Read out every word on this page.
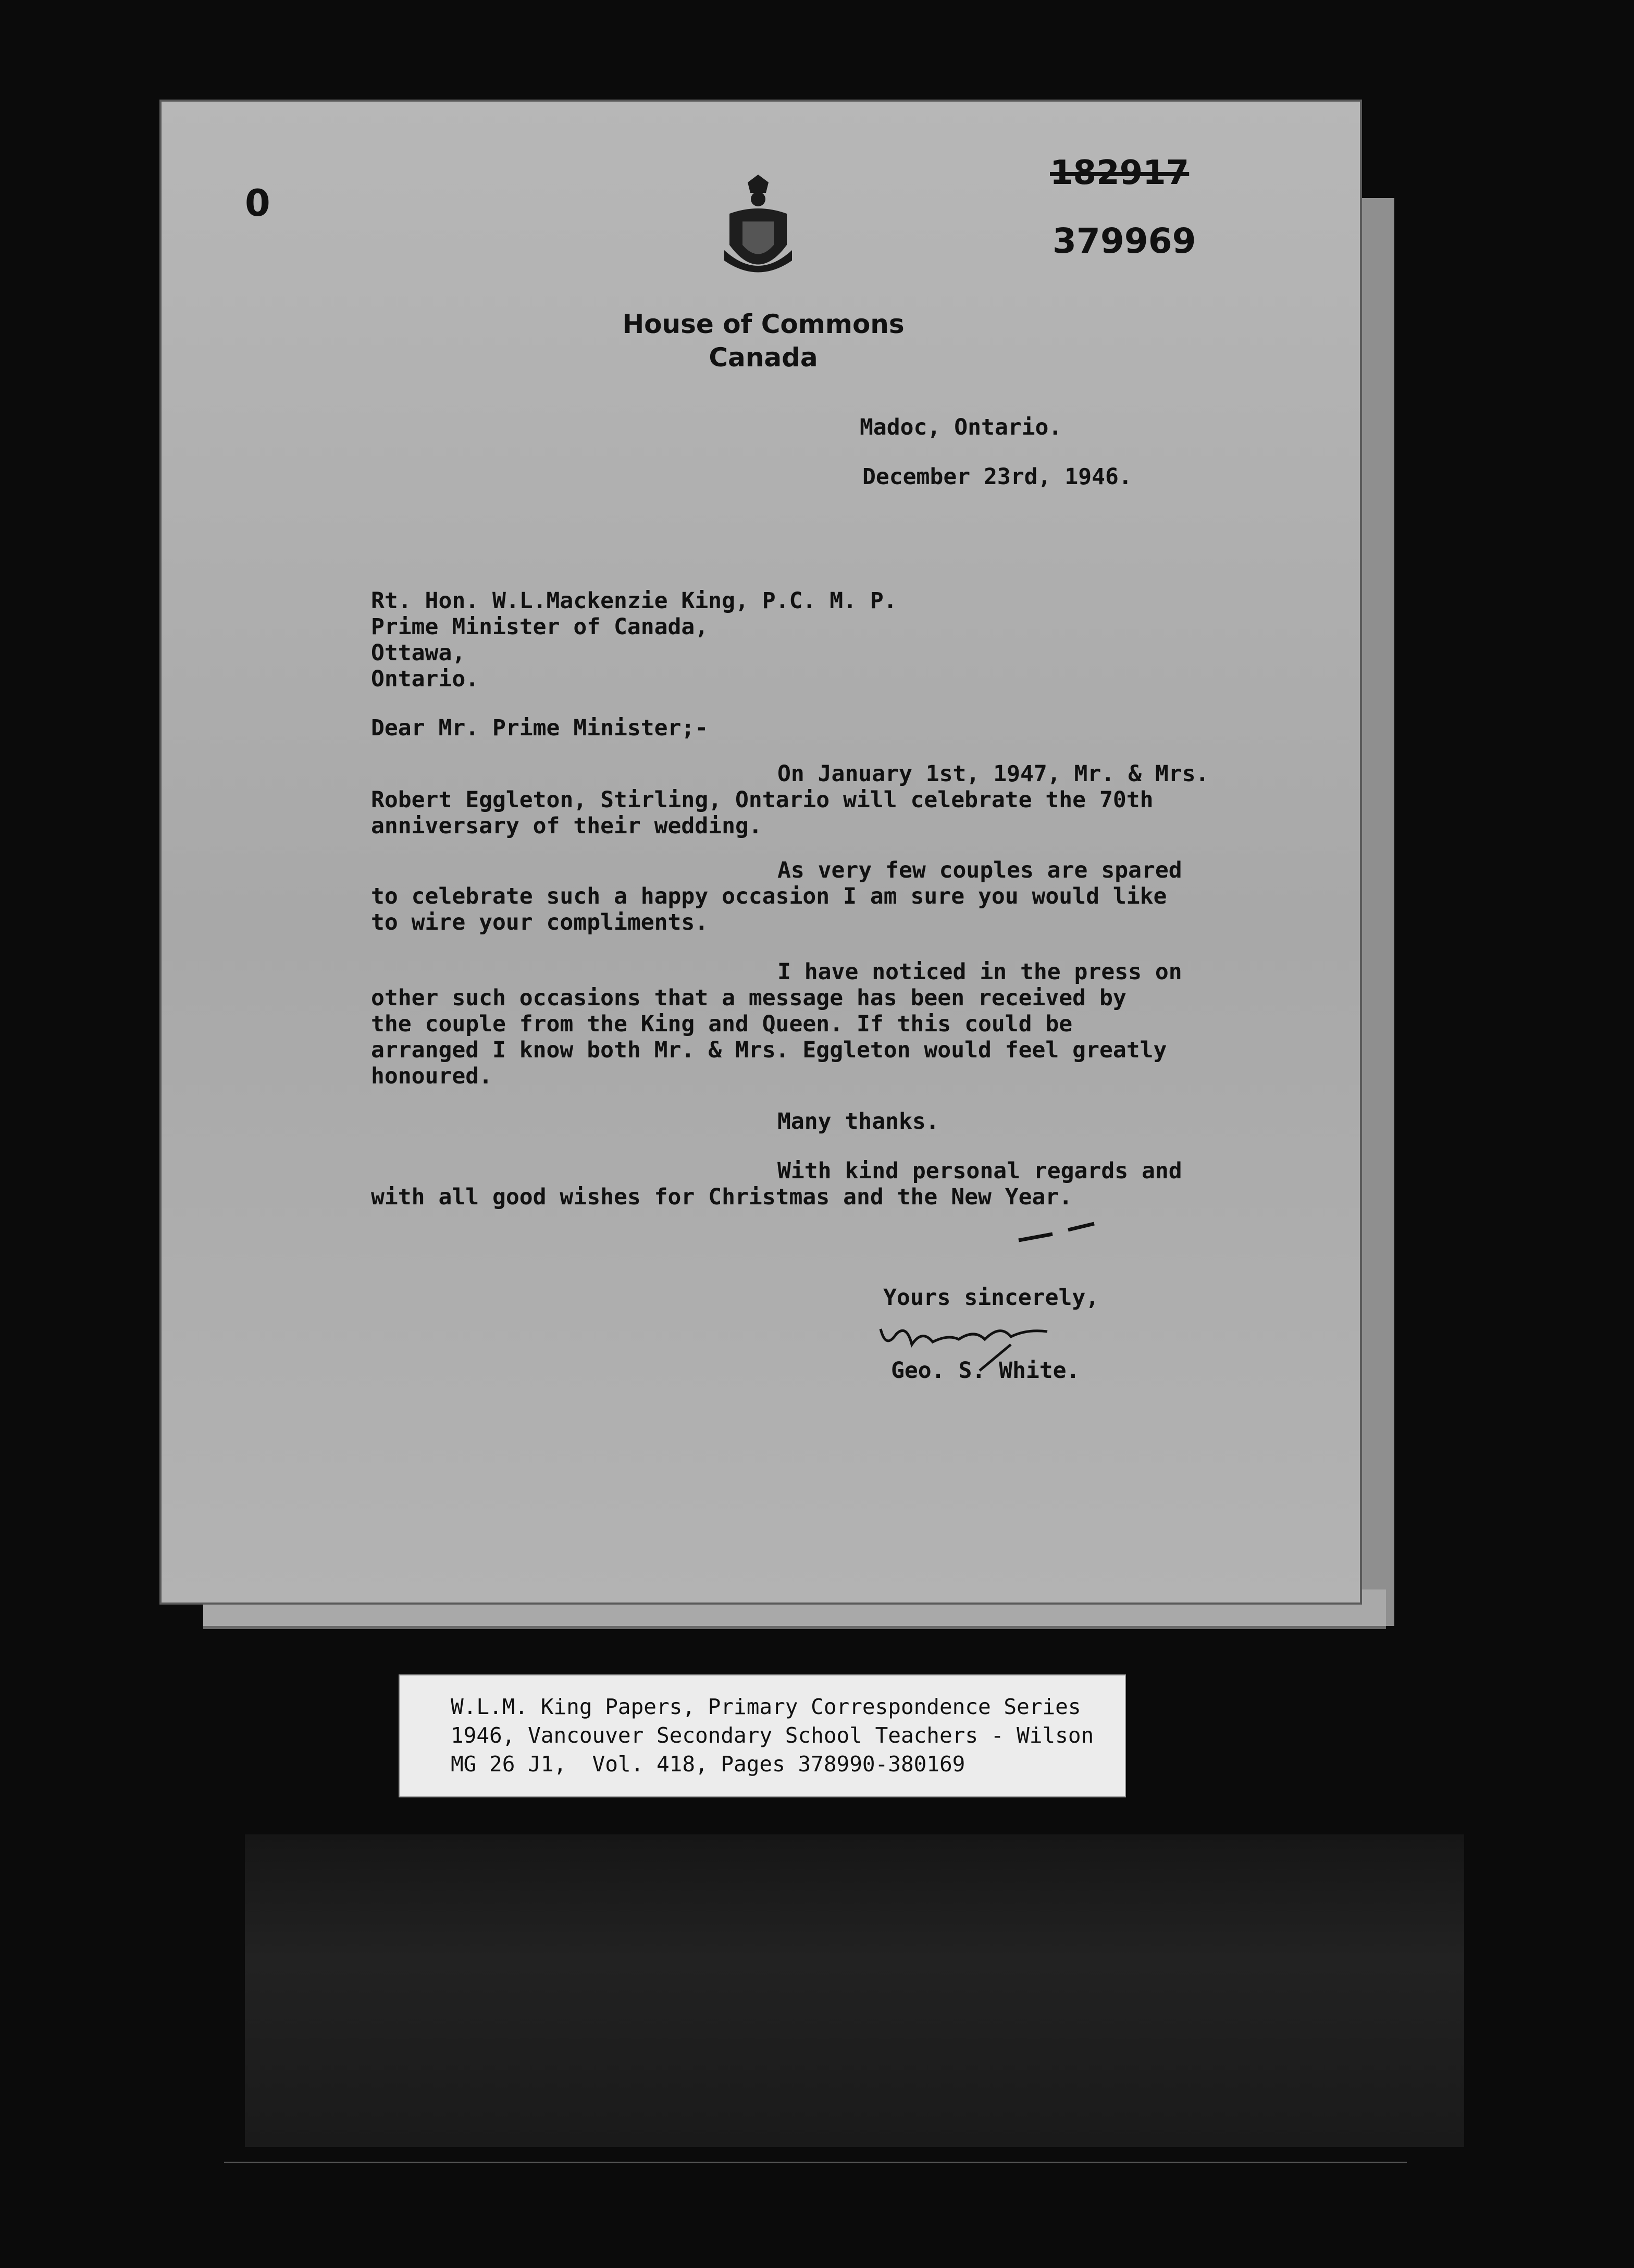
0
182917
379969
House of Commons
Canada
Madoc, Ontario.
December 23rd, 1946.
Rt. Hon. W.L.Mackenzie King, P.C. M. P.
Prime Minister of Canada,
Ottawa,
Ontario.
Dear Mr. Prime Minister;-
On January 1st, 1947, Mr. & Mrs.
Robert Eggleton, Stirling, Ontario will celebrate the 70th
anniversary of their wedding.
As very few couples are spared
to celebrate such a happy occasion I am sure you would like
to wire your compliments.
I have noticed in the press on
other such occasions that a message has been received by
the couple from the King and Queen. If this could be
arranged I know both Mr. & Mrs. Eggleton would feel greatly
honoured.
Many thanks.
With kind personal regards and
with all good wishes for Christmas and the New Year.
Yours sincerely,
Geo. S. White.
W.L.M. King Papers, Primary Correspondence Series
1946, Vancouver Secondary School Teachers - Wilson
MG 26 J1,  Vol. 418, Pages 378990-380169
